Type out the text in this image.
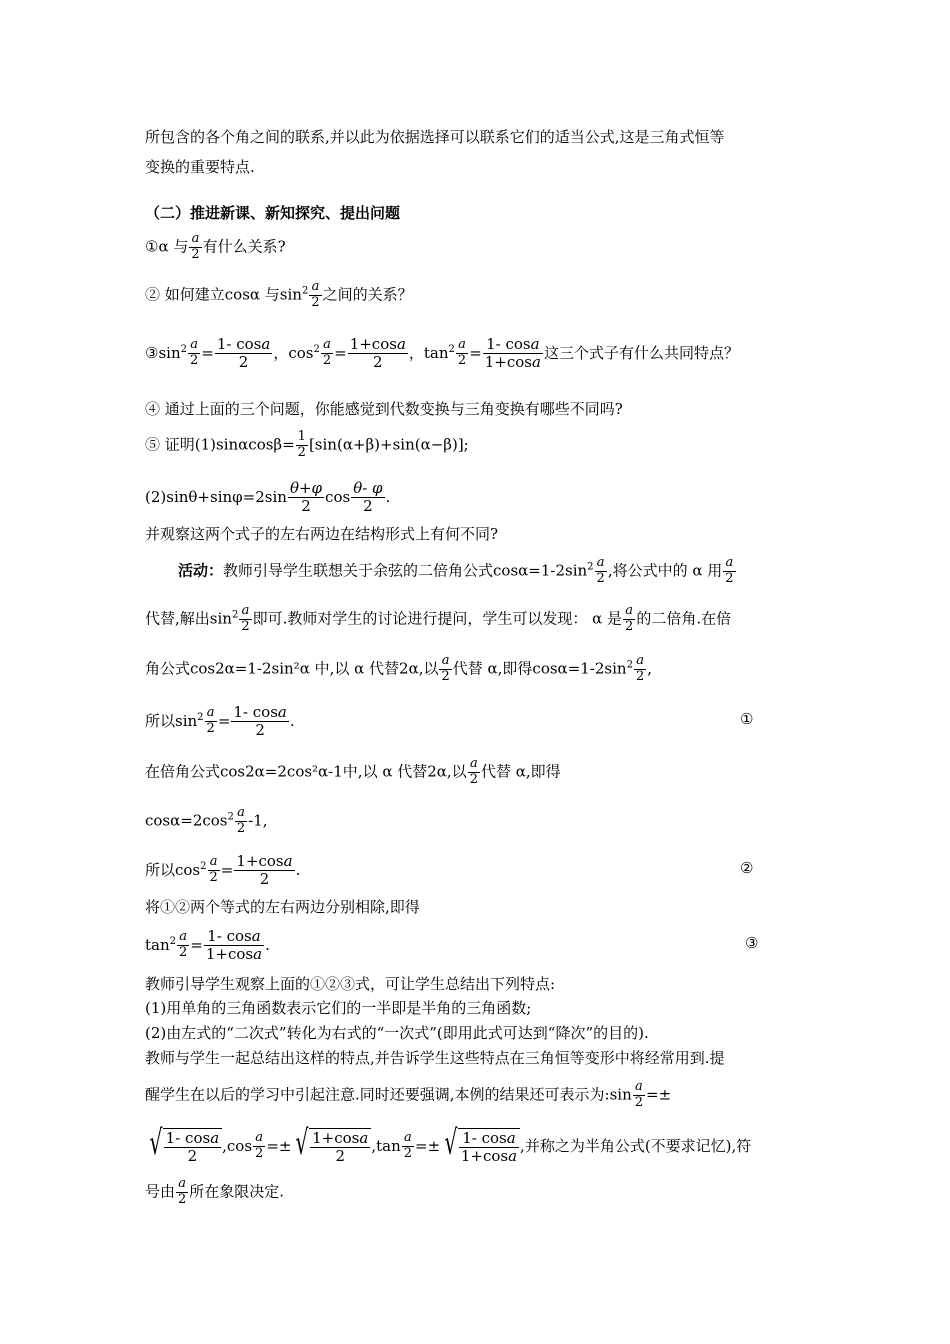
所包含的各个角之间的联系,并以此为依据选择可以联系它们的适当公式,这是三角式恒等
变换的重要特点.
（二）推进新课、新知探究、提出问题
①α 与 $\frac{a}{2}$ 有什么关系?
② 如何建立cosα 与$\sin^2 \frac{a}{2}$ 之间的关系？
$③\sin^2 \frac{a}{2} = \frac{1- \cos a}{2}$ ，$\cos^2 \frac{a}{2} = \frac{1+\cos a}{2}$ ，$\tan^2 \frac{a}{2} = \frac{1- \cos a}{1+\cos a}$ 这三个式子有什么共同特点？
④ 通过上面的三个问题，你能感觉到代数变换与三角变换有哪些不同吗?
⑤ 证明$(1)\sin\alpha\cos\beta= \frac{1}{2} [\sin(\alpha+\beta)+\sin(\alpha-\beta)]$;
$(2)\sin\theta+\sin\varphi=2\sin \frac{\theta+\varphi}{2}$ $\cos \frac{\theta- \varphi}{2}$ .
并观察这两个式子的左右两边在结构形式上有何不同?
活动：教师引导学生联想关于余弦的二倍角公式$\cos\alpha=1-2\sin^2 \frac{a}{2}$ ,将公式中的 α 用 $\frac{a}{2}$
代替,解出$\sin^2 \frac{a}{2}$ 即可.教师对学生的讨论进行提问，学生可以发现： α 是 $\frac{a}{2}$ 的二倍角.在倍
角公式cos2α=1-2sin²α 中,以 α 代替2α,以 $\frac{a}{2}$ 代替 α,即得$\cos\alpha=1-2\sin^2 \frac{a}{2}$ ,
所以$\sin^2 \frac{a}{2} = \frac{1- \cos a}{2}$ .	①
在倍角公式cos2α=2cos²α-1中,以 α 代替2α,以 $\frac{a}{2}$ 代替 α,即得
$\cos\alpha=2\cos^2 \frac{a}{2} -1$,
所以$\cos^2 \frac{a}{2} = \frac{1+\cos a}{2}$ .	②
将①②两个等式的左右两边分别相除,即得
$\tan^2 \frac{a}{2} = \frac{1- \cos a}{1+\cos a}$ .	③
教师引导学生观察上面的①②③式，可让学生总结出下列特点:
(1)用单角的三角函数表示它们的一半即是半角的三角函数;
(2)由左式的“二次式”转化为右式的“一次式”(即用此式可达到“降次”的目的).
教师与学生一起总结出这样的特点,并告诉学生这些特点在三角恒等变形中将经常用到.提
醒学生在以后的学习中引起注意.同时还要强调,本例的结果还可表示为:sin $\frac{a}{2}$ =±
√ $\frac{1- \cos a}{2} ,\cos \frac{a}{2}$ =± √ $\frac{1+\cos a}{2} ,\tan \frac{a}{2}$ =± √ $\frac{1- \cos a}{1+\cos a}$ ,并称之为半角公式(不要求记忆),符
号由 $\frac{a}{2}$ 所在象限决定.
